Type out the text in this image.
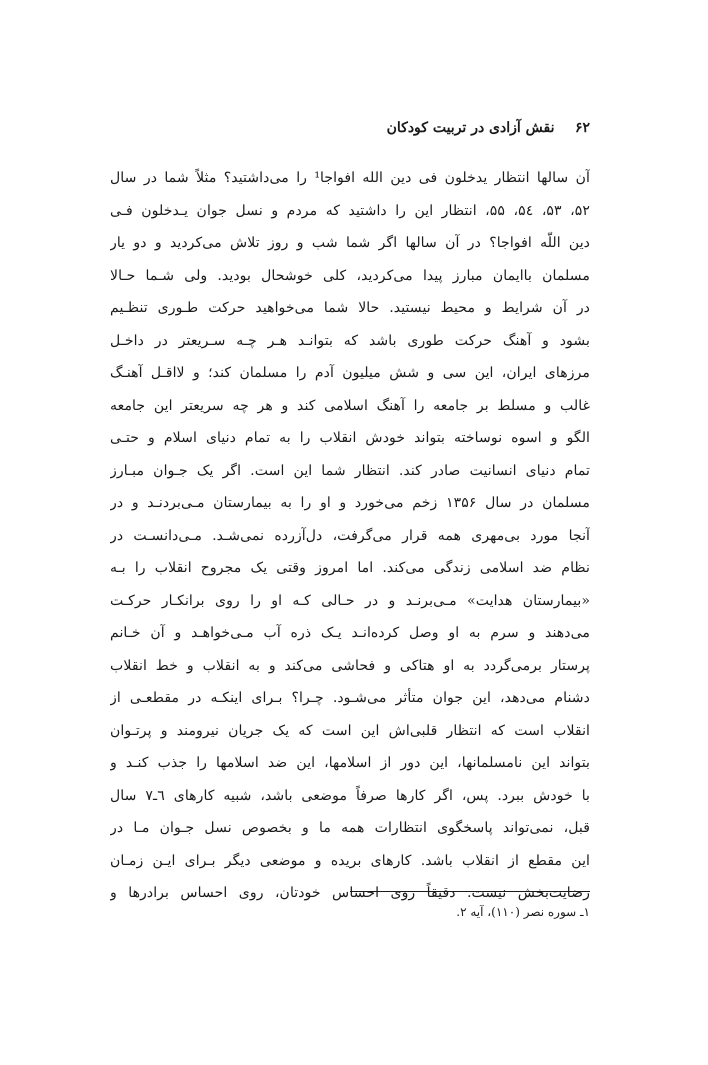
۶۲ نقش آزادی در تربیت کودکان
آن سالها انتظار یدخلون فی دین الله افواجا¹ را می‌داشتید؟ مثلاً شما در سال
۵۲، ۵۳، ۵٤، ۵۵، انتظار این را داشتید که مردم و نسل جوان یـدخلون فـی
دین اللّه افواجا؟ در آن سالها اگر شما شب و روز تلاش می‌کردید و دو یار
مسلمان باایمان مبارز پیدا می‌کردید، کلی خوشحال بودید. ولی شـما حـالا
در آن شرایط و محیط نیستید. حالا شما می‌خواهید حرکت طـوری تنظـیم
بشود و آهنگ حرکت طوری باشد که بتوانـد هـر چـه سـریعتر در داخـل
مرزهای ایران، این سی و شش میلیون آدم را مسلمان کند؛ و لااقـل آهنـگ
غالب و مسلط بر جامعه را آهنگ اسلامی کند و هر چه سریعتر این جامعه
الگو و اسوه نوساخته بتواند خودش انقلاب را به تمام دنیای اسلام و حتـی
تمام دنیای انسانیت صادر کند. انتظار شما این است. اگر یک جـوان مبـارز
مسلمان در سال ۱۳۵۶ زخم می‌خورد و او را به بیمارستان مـی‌بردنـد و در
آنجا مورد بی‌مهری همه قرار می‌گرفت، دل‌آزرده نمی‌شـد. مـی‌دانسـت در
نظام ضد اسلامی زندگی می‌کند. اما امروز وقتی یک مجروح انقلاب را بـه
«بیمارستان هدایت» مـی‌برنـد و در حـالی کـه او را روی برانکـار حرکـت
می‌دهند و سرم به او وصل کرده‌انـد یـک ذره آب مـی‌خواهـد و آن خـانم
پرستار برمی‌گردد به او هتاکی و فحاشی می‌کند و به انقلاب و خط انقلاب
دشنام می‌دهد، این جوان متأثر می‌شـود. چـرا؟ بـرای اینکـه در مقطعـی از
انقلاب است که انتظار قلبی‌اش این است که یک جریان نیرومند و پرتـوان
بتواند این نامسلمانها، این دور از اسلامها، این ضد اسلامها را جذب کنـد و
با خودش ببرد. پس، اگر کارها صرفاً موضعی باشد، شبیه کارهای ٦ـ۷ سال
قبل، نمی‌تواند پاسخگوی انتظارات همه ما و بخصوص نسل جـوان مـا در
این مقطع از انقلاب باشد. کارهای بریده و موضعی دیگر بـرای ایـن زمـان
رضایت‌بخش نیست. دقیقاً روی احساس خودتان، روی احساس برادرها و
۱ـ سوره نصر (۱۱۰)، آیه ۲.
